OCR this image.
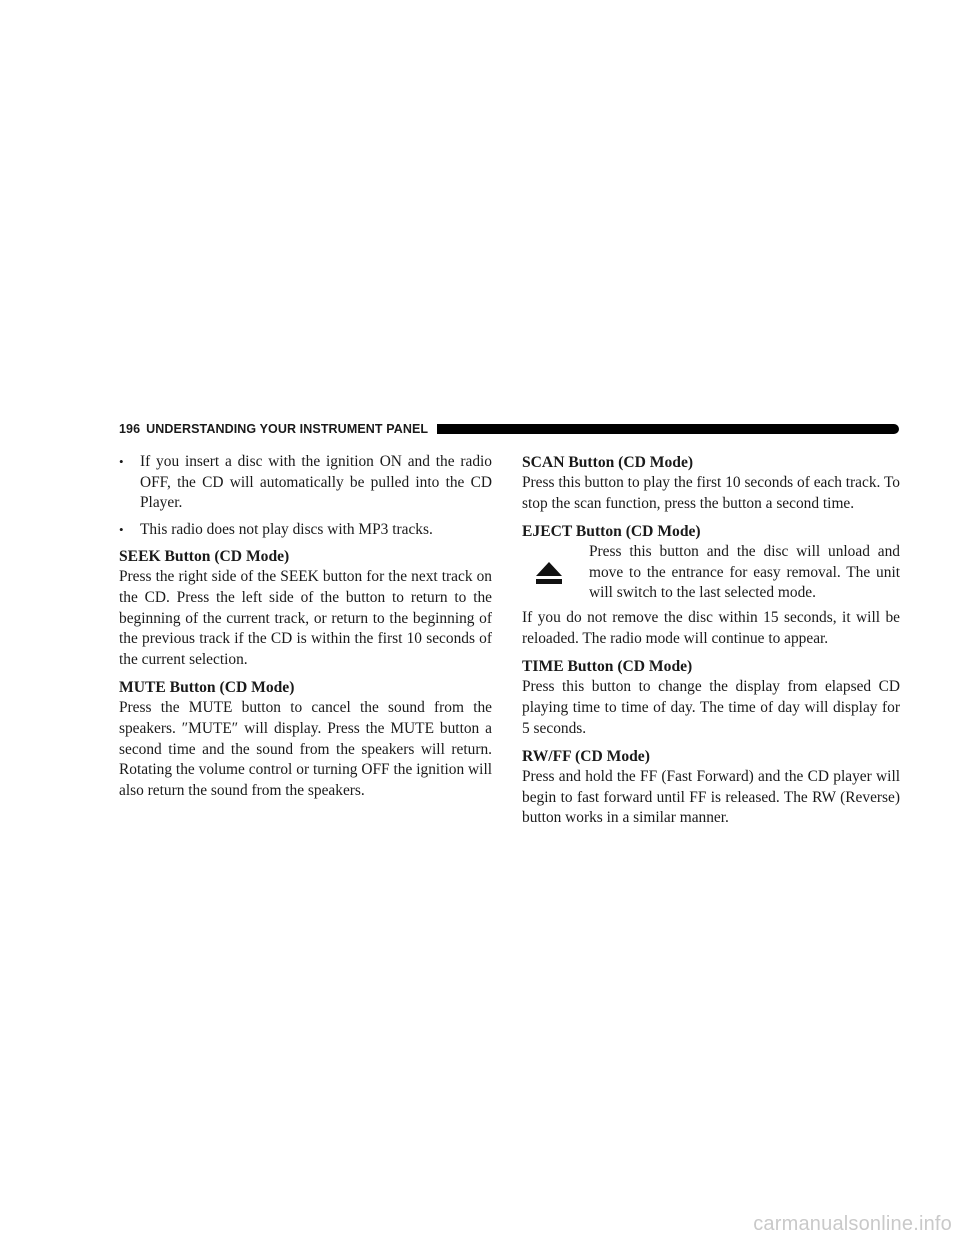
196 UNDERSTANDING YOUR INSTRUMENT PANEL
• If you insert a disc with the ignition ON and the radio OFF, the CD will automatically be pulled into the CD Player.
• This radio does not play discs with MP3 tracks.
SEEK Button (CD Mode)

Press the right side of the SEEK button for the next track on the CD. Press the left side of the button to return to the beginning of the current track, or return to the beginning of the previous track if the CD is within the first 10 seconds of the current selection.

MUTE Button (CD Mode)

Press the MUTE button to cancel the sound from the speakers. ″MUTE″ will display. Press the MUTE button a second time and the sound from the speakers will return. Rotating the volume control or turning OFF the ignition will also return the sound from the speakers.

SCAN Button (CD Mode)

Press this button to play the first 10 seconds of each track. To stop the scan function, press the button a second time.

EJECT Button (CD Mode)
Press this button and the disc will unload and move to the entrance for easy removal. The unit will switch to the last selected mode.

If you do not remove the disc within 15 seconds, it will be reloaded. The radio mode will continue to appear.

TIME Button (CD Mode)

Press this button to change the display from elapsed CD playing time to time of day. The time of day will display for 5 seconds.

RW/FF (CD Mode)

Press and hold the FF (Fast Forward) and the CD player will begin to fast forward until FF is released. The RW (Reverse) button works in a similar manner.

carmanualsonline.info
